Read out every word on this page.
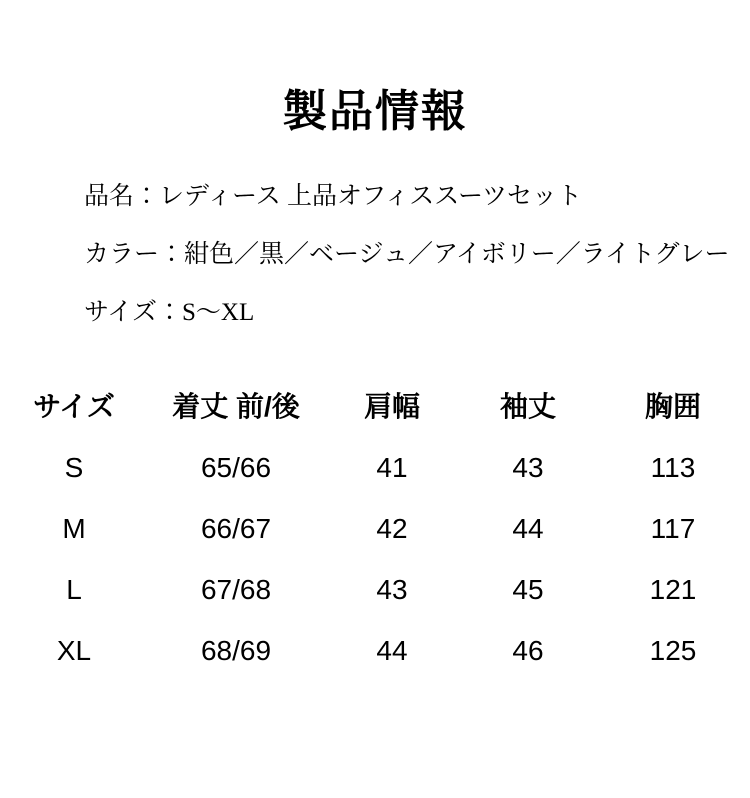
製品情報
品名：レディース 上品オフィススーツセット
カラー：紺色／黒／ベージュ／アイボリー／ライトグレー
サイズ：S〜XL
サイズ	着丈 前/後	肩幅	袖丈	胸囲
S	65/66	41	43	113
M	66/67	42	44	117
L	67/68	43	45	121
XL	68/69	44	46	125
